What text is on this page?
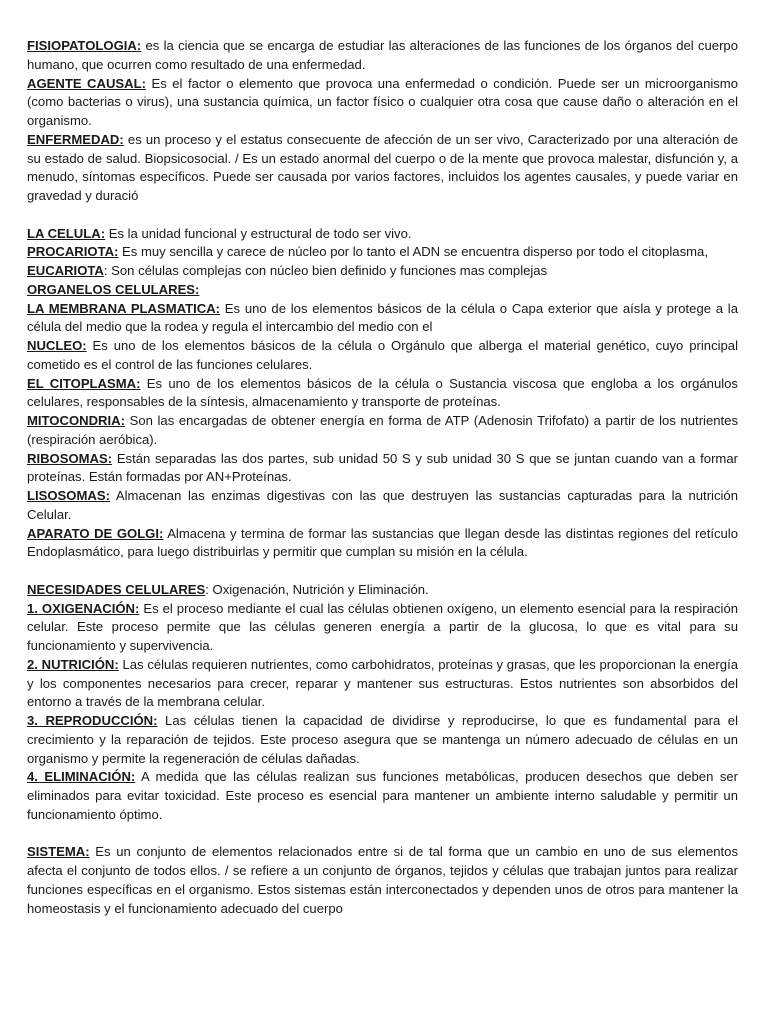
FISIOPATOLOGIA: es la ciencia que se encarga de estudiar las alteraciones de las funciones de los órganos del cuerpo humano, que ocurren como resultado de una enfermedad.

AGENTE CAUSAL: Es el factor o elemento que provoca una enfermedad o condición. Puede ser un microorganismo (como bacterias o virus), una sustancia química, un factor físico o cualquier otra cosa que cause daño o alteración en el organismo.

ENFERMEDAD: es un proceso y el estatus consecuente de afección de un ser vivo, Caracterizado por una alteración de su estado de salud. Biopsicosocial. / Es un estado anormal del cuerpo o de la mente que provoca malestar, disfunción y, a menudo, síntomas específicos. Puede ser causada por varios factores, incluidos los agentes causales, y puede variar en gravedad y duració

LA CELULA: Es la unidad funcional y estructural de todo ser vivo.

PROCARIOTA: Es muy sencilla y carece de núcleo por lo tanto el ADN se encuentra disperso por todo el citoplasma,

EUCARIOTA: Son células complejas con núcleo bien definido y funciones mas complejas

ORGANELOS CELULARES:

LA MEMBRANA PLASMATICA: Es uno de los elementos básicos de la célula o Capa exterior que aísla y protege a la célula del medio que la rodea y regula el intercambio del medio con el

NUCLEO: Es uno de los elementos básicos de la célula o Orgánulo que alberga el material genético, cuyo principal cometido es el control de las funciones celulares.

EL CITOPLASMA: Es uno de los elementos básicos de la célula o Sustancia viscosa que engloba a los orgánulos celulares, responsables de la síntesis, almacenamiento y transporte de proteínas.

MITOCONDRIA: Son las encargadas de obtener energía en forma de ATP (Adenosin Trifofato) a partir de los nutrientes (respiración aeróbica).

RIBOSOMAS: Están separadas las dos partes, sub unidad 50 S y sub unidad 30 S que se juntan cuando van a formar proteínas. Están formadas por AN+Proteínas.

LISOSOMAS: Almacenan las enzimas digestivas con las que destruyen las sustancias capturadas para la nutrición Celular.

APARATO DE GOLGI: Almacena y termina de formar las sustancias que llegan desde las distintas regiones del retículo Endoplasmático, para luego distribuirlas y permitir que cumplan su misión en la célula.

NECESIDADES CELULARES: Oxigenación, Nutrición y Eliminación.

1. OXIGENACIÓN: Es el proceso mediante el cual las células obtienen oxígeno, un elemento esencial para la respiración celular. Este proceso permite que las células generen energía a partir de la glucosa, lo que es vital para su funcionamiento y supervivencia.

2. NUTRICIÓN: Las células requieren nutrientes, como carbohidratos, proteínas y grasas, que les proporcionan la energía y los componentes necesarios para crecer, reparar y mantener sus estructuras. Estos nutrientes son absorbidos del entorno a través de la membrana celular.

3. REPRODUCCIÓN: Las células tienen la capacidad de dividirse y reproducirse, lo que es fundamental para el crecimiento y la reparación de tejidos. Este proceso asegura que se mantenga un número adecuado de células en un organismo y permite la regeneración de células dañadas.

4. ELIMINACIÓN: A medida que las células realizan sus funciones metabólicas, producen desechos que deben ser eliminados para evitar toxicidad. Este proceso es esencial para mantener un ambiente interno saludable y permitir un funcionamiento óptimo.

SISTEMA: Es un conjunto de elementos relacionados entre si de tal forma que un cambio en uno de sus elementos afecta el conjunto de todos ellos. / se refiere a un conjunto de órganos, tejidos y células que trabajan juntos para realizar funciones específicas en el organismo. Estos sistemas están interconectados y dependen unos de otros para mantener la homeostasis y el funcionamiento adecuado del cuerpo
